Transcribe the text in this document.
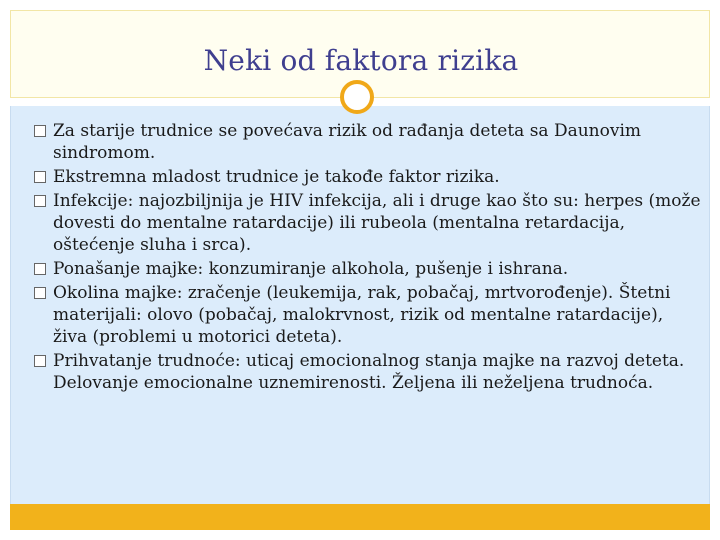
Neki od faktora rizika
Za starije trudnice se povećava rizik od rađanja deteta sa Daunovim sindromom.
Ekstremna mladost trudnice je takođe faktor rizika.
Infekcije: najozbiljnija je HIV infekcija, ali i druge kao što su: herpes (može dovesti do mentalne ratardacije) ili rubeola (mentalna retardacija, oštećenje sluha i srca).
Ponašanje majke: konzumiranje alkohola, pušenje i ishrana.
Okolina majke: zračenje (leukemija, rak, pobačaj, mrtvorođenje). Štetni materijali: olovo (pobačaj, malokrvnost, rizik od mentalne ratardacije), živa (problemi u motorici deteta).
Prihvatanje trudnoće: uticaj emocionalnog stanja majke na razvoj deteta. Delovanje emocionalne uznemirenosti. Željena ili neželjena trudnoća.
